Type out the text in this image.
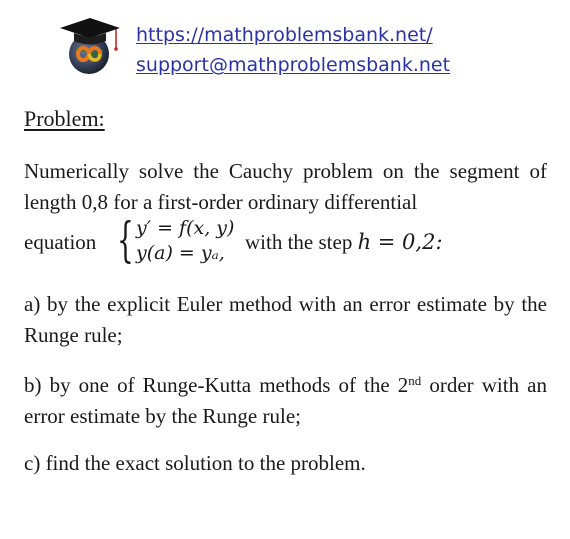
https://mathproblemsbank.net/
support@mathproblemsbank.net
Problem:

Numerically solve the Cauchy problem on the segment of length 0,8 for a first-order ordinary differential

equation { y′ = f(x, y)
y(a) = yₐ, with the step h = 0,2:

a) by the explicit Euler method with an error estimate by the Runge rule;

b) by one of Runge-Kutta methods of the 2nd order with an error estimate by the Runge rule;

c) find the exact solution to the problem.
